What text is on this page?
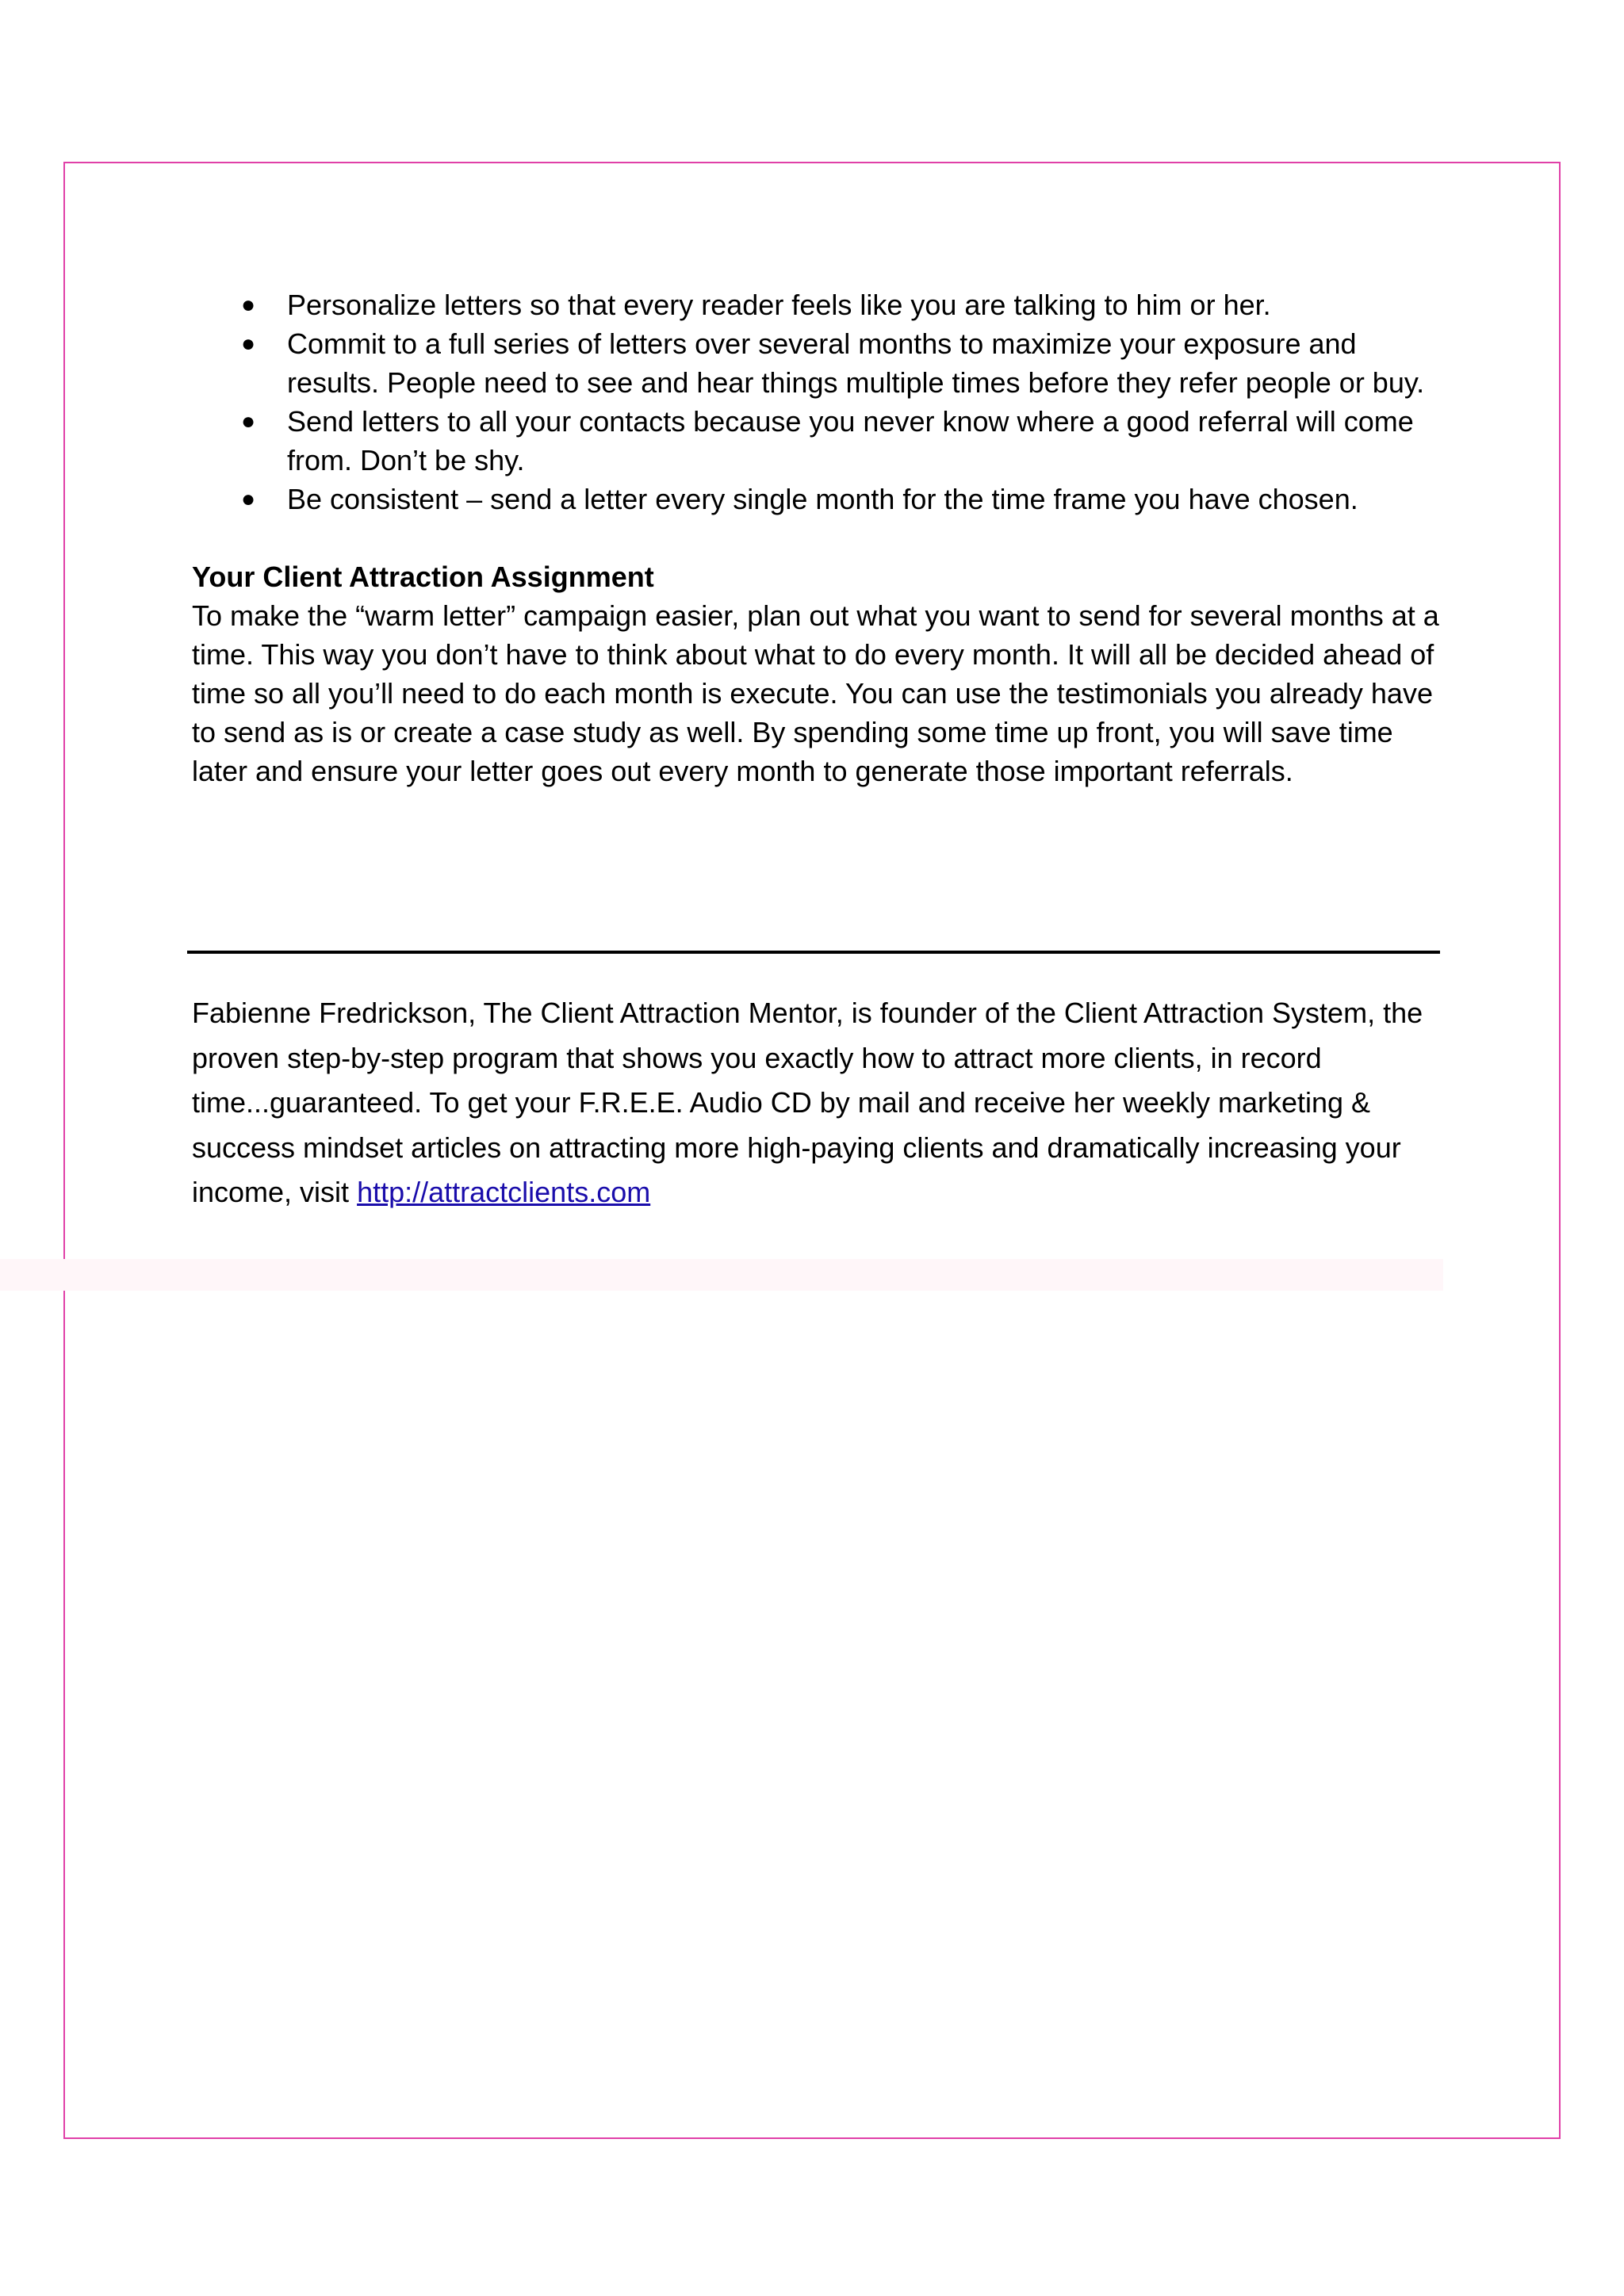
● Personalize letters so that every reader feels like you are talking to him or her.
● Commit to a full series of letters over several months to maximize your exposure and results. People need to see and hear things multiple times before they refer people or buy.
● Send letters to all your contacts because you never know where a good referral will come from. Don’t be shy.
● Be consistent – send a letter every single month for the time frame you have chosen.
Your Client Attraction Assignment
To make the “warm letter” campaign easier, plan out what you want to send for several months at a time. This way you don’t have to think about what to do every month. It will all be decided ahead of time so all you’ll need to do each month is execute. You can use the testimonials you already have to send as is or create a case study as well. By spending some time up front, you will save time later and ensure your letter goes out every month to generate those important referrals.
Fabienne Fredrickson, The Client Attraction Mentor, is founder of the Client Attraction System, the proven step-by-step program that shows you exactly how to attract more clients, in record time...guaranteed. To get your F.R.E.E. Audio CD by mail and receive her weekly marketing & success mindset articles on attracting more high-paying clients and dramatically increasing your income, visit http://attractclients.com
